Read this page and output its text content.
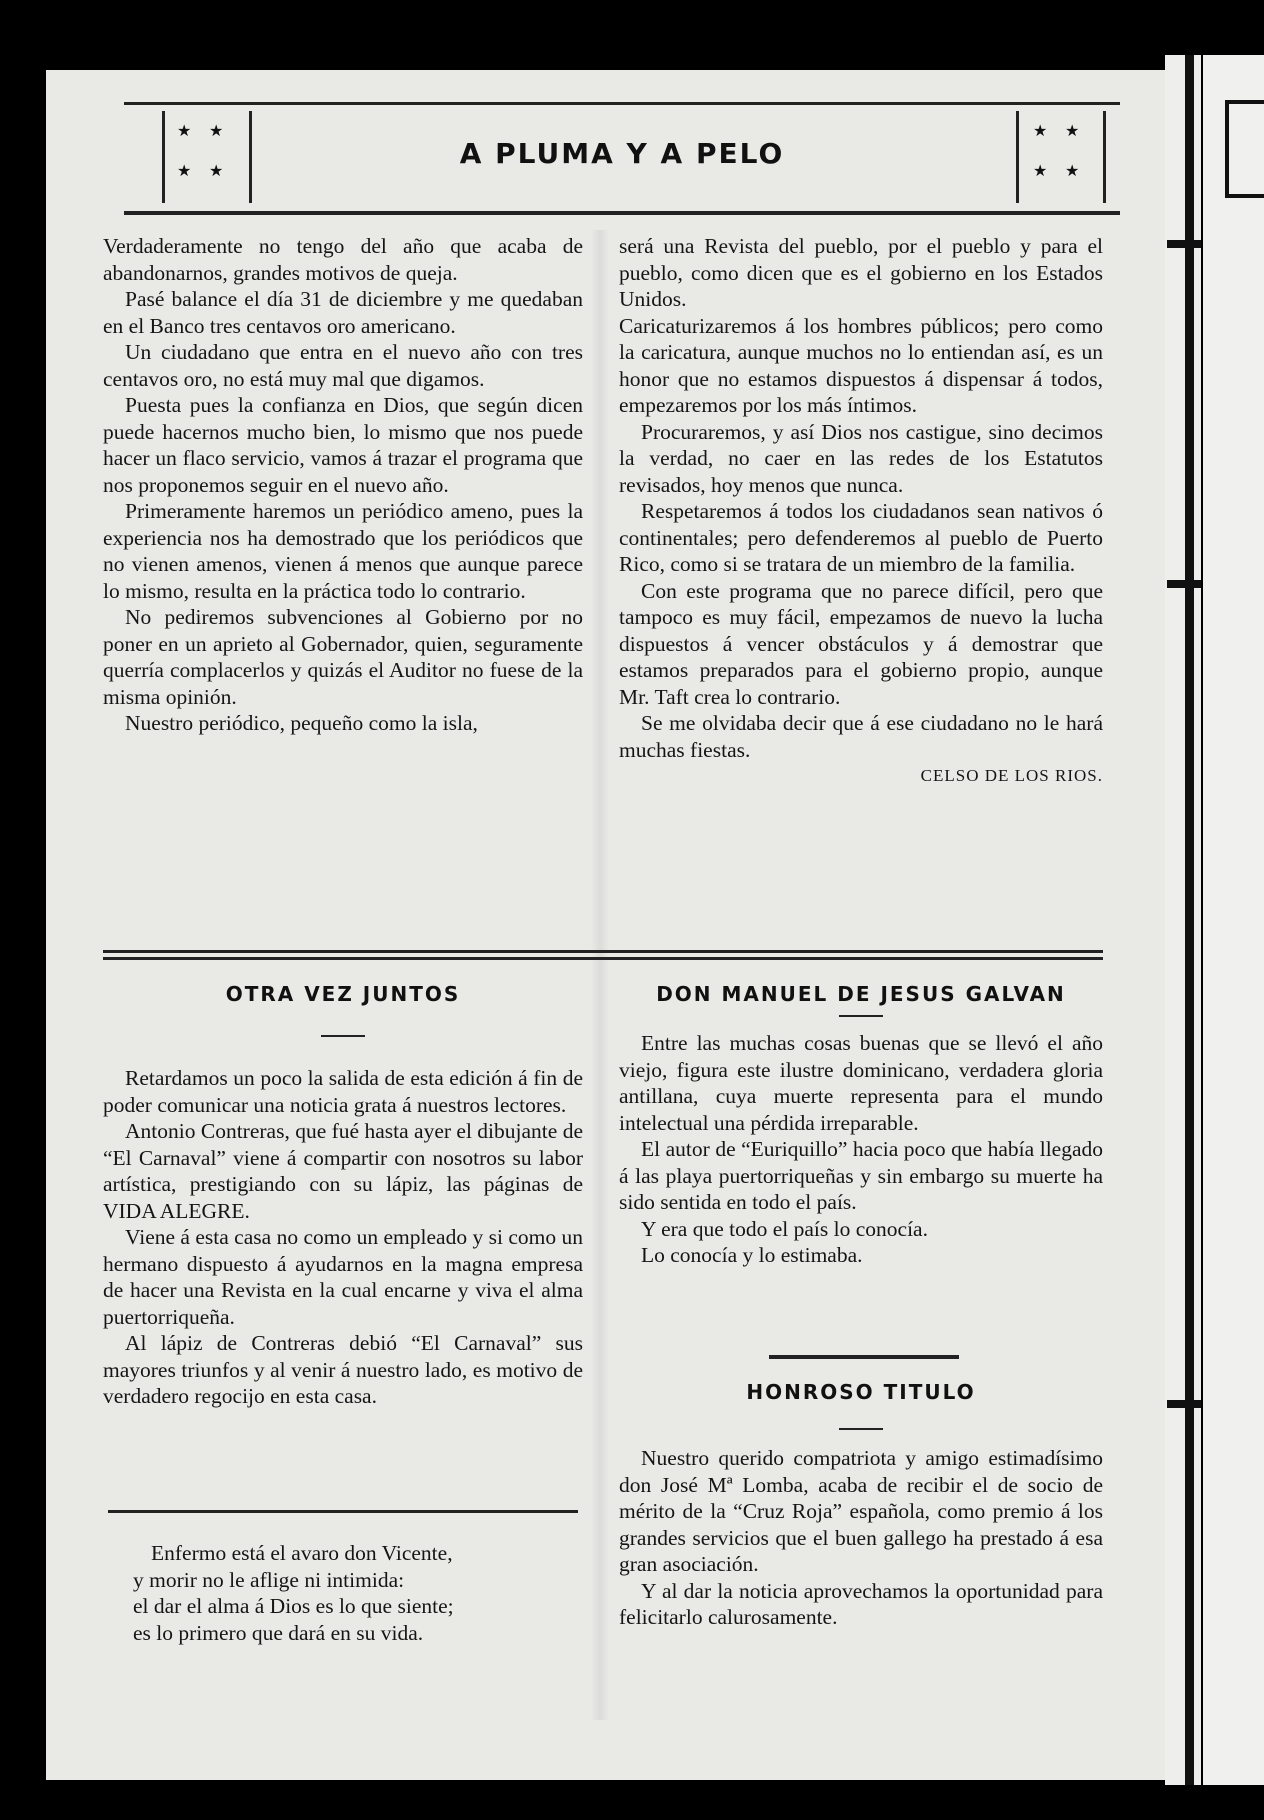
★ ★
★ ★
A PLUMA Y A PELO
★ ★
★ ★

Verdaderamente no tengo del año que acaba de abandonarnos, grandes motivos de queja.

Pasé balance el día 31 de diciembre y me quedaban en el Banco tres centavos oro americano.

Un ciudadano que entra en el nuevo año con tres centavos oro, no está muy mal que digamos.

Puesta pues la confianza en Dios, que según dicen puede hacernos mucho bien, lo mismo que nos puede hacer un flaco servicio, vamos á trazar el programa que nos proponemos seguir en el nuevo año.

Primeramente haremos un periódico ameno, pues la experiencia nos ha demostrado que los periódicos que no vienen amenos, vienen á menos que aunque parece lo mismo, resulta en la práctica todo lo contrario.

No pediremos subvenciones al Gobierno por no poner en un aprieto al Gobernador, quien, seguramente querría complacerlos y quizás el Auditor no fuese de la misma opinión.

Nuestro periódico, pequeño como la isla,

será una Revista del pueblo, por el pueblo y para el pueblo, como dicen que es el gobierno en los Estados Unidos.

Caricaturizaremos á los hombres públicos; pero como la caricatura, aunque muchos no lo entiendan así, es un honor que no estamos dispuestos á dispensar á todos, empezaremos por los más íntimos.

Procuraremos, y así Dios nos castigue, sino decimos la verdad, no caer en las redes de los Estatutos revisados, hoy menos que nunca.

Respetaremos á todos los ciudadanos sean nativos ó continentales; pero defenderemos al pueblo de Puerto Rico, como si se tratara de un miembro de la familia.

Con este programa que no parece difícil, pero que tampoco es muy fácil, empezamos de nuevo la lucha dispuestos á vencer obstáculos y á demostrar que estamos preparados para el gobierno propio, aunque Mr. Taft crea lo contrario.

Se me olvidaba decir que á ese ciudadano no le hará muchas fiestas.

CELSO DE LOS RIOS.

OTRA VEZ JUNTOS

Retardamos un poco la salida de esta edición á fin de poder comunicar una noticia grata á nuestros lectores.

Antonio Contreras, que fué hasta ayer el dibujante de “El Carnaval” viene á compartir con nosotros su labor artística, prestigiando con su lápiz, las páginas de VIDA ALEGRE.

Viene á esta casa no como un empleado y si como un hermano dispuesto á ayudarnos en la magna empresa de hacer una Revista en la cual encarne y viva el alma puertorriqueña.

Al lápiz de Contreras debió “El Carnaval” sus mayores triunfos y al venir á nuestro lado, es motivo de verdadero regocijo en esta casa.

Enfermo está el avaro don Vicente,
y morir no le aflige ni intimida:
el dar el alma á Dios es lo que siente;
es lo primero que dará en su vida.
DON MANUEL DE JESUS GALVAN

Entre las muchas cosas buenas que se llevó el año viejo, figura este ilustre dominicano, verdadera gloria antillana, cuya muerte representa para el mundo intelectual una pérdida irreparable.

El autor de “Euriquillo” hacia poco que había llegado á las playa puertorriqueñas y sin embargo su muerte ha sido sentida en todo el país.

Y era que todo el país lo conocía.

Lo conocía y lo estimaba.

HONROSO TITULO

Nuestro querido compatriota y amigo estimadísimo don José Mª Lomba, acaba de recibir el de socio de mérito de la “Cruz Roja” española, como premio á los grandes servicios que el buen gallego ha prestado á esa gran asociación.

Y al dar la noticia aprovechamos la oportunidad para felicitarlo calurosamente.
